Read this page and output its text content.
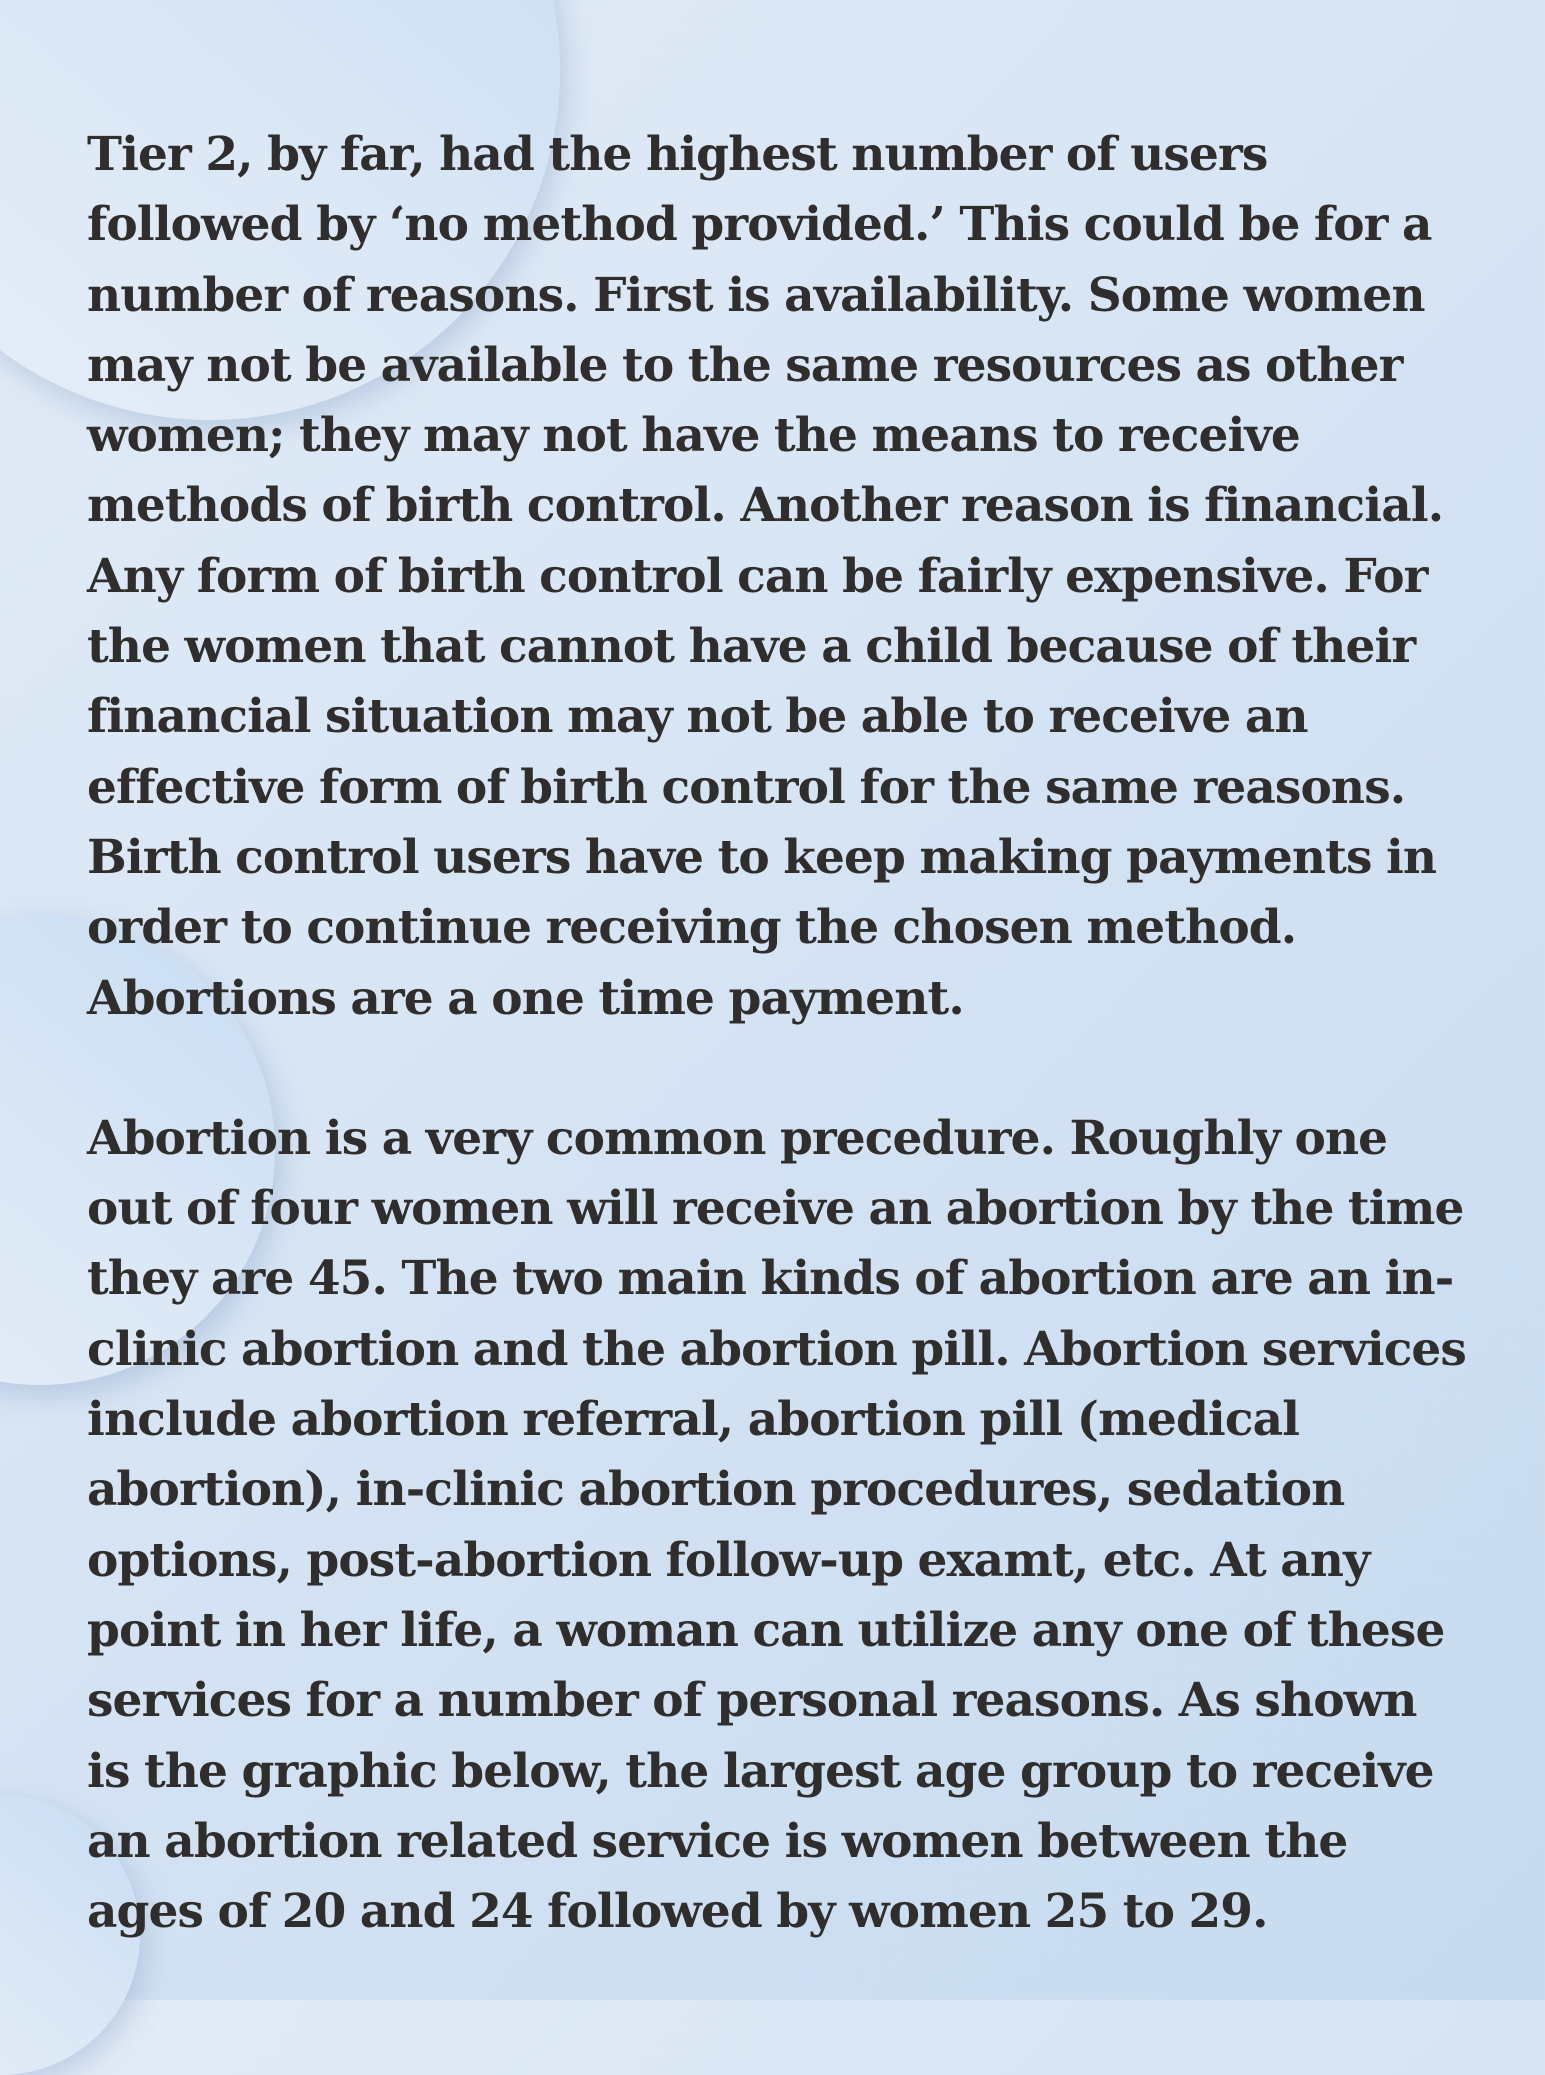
Tier 2, by far, had the highest number of users followed by ‘no method provided.’ This could be for a number of reasons. First is availability. Some women may not be available to the same resources as other women; they may not have the means to receive methods of birth control. Another reason is financial. Any form of birth control can be fairly expensive. For the women that cannot have a child because of their financial situation may not be able to receive an effective form of birth control for the same reasons. Birth control users have to keep making payments in order to continue receiving the chosen method. Abortions are a one time payment.

Abortion is a very common precedure. Roughly one out of four women will receive an abortion by the time they are 45. The two main kinds of abortion are an in-clinic abortion and the abortion pill. Abortion services include abortion referral, abortion pill (medical abortion), in-clinic abortion procedures, sedation options, post-abortion follow-up examt, etc. At any point in her life, a woman can utilize any one of these services for a number of personal reasons. As shown is the graphic below, the largest age group to receive an abortion related service is women between the ages of 20 and 24 followed by women 25 to 29.
